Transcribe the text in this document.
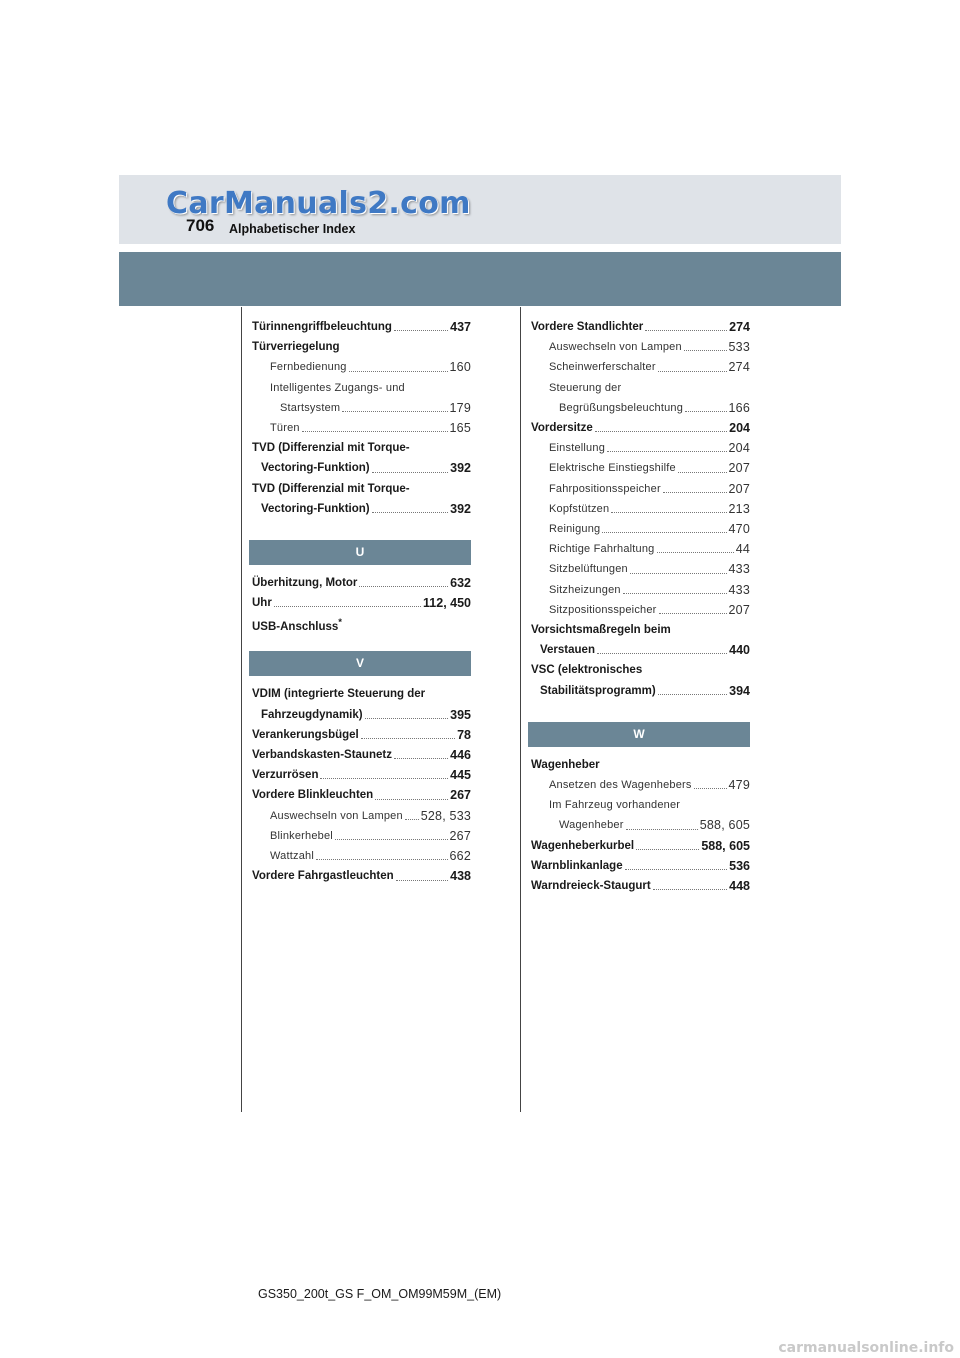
CarManuals2.com
706 Alphabetischer Index
Türinnengriffbeleuchtung	437
Türverriegelung
Fernbedienung	160
Intelligentes Zugangs- und
Startsystem	179
Türen	165
TVD (Differenzial mit Torque-
Vectoring-Funktion)	392
TVD (Differenzial mit Torque-
Vectoring-Funktion)	392
U
Überhitzung, Motor	632
Uhr	112, 450
USB-Anschluss*
V
VDIM (integrierte Steuerung der
Fahrzeugdynamik)	395
Verankerungsbügel	78
Verbandskasten-Staunetz	446
Verzurrösen	445
Vordere Blinkleuchten	267
Auswechseln von Lampen 528, 533
Blinkerhebel	267
Wattzahl	662
Vordere Fahrgastleuchten	438
Vordere Standlichter	274
Auswechseln von Lampen	533
Scheinwerferschalter	274
Steuerung der
Begrüßungsbeleuchtung	166
Vordersitze	204
Einstellung	204
Elektrische Einstiegshilfe	207
Fahrpositionsspeicher	207
Kopfstützen	213
Reinigung	470
Richtige Fahrhaltung	44
Sitzbelüftungen	433
Sitzheizungen	433
Sitzpositionsspeicher	207
Vorsichtsmaßregeln beim
Verstauen	440
VSC (elektronisches
Stabilitätsprogramm)	394
W
Wagenheber
Ansetzen des Wagenhebers	479
Im Fahrzeug vorhandener
Wagenheber	588, 605
Wagenheberkurbel	588, 605
Warnblinkanlage	536
Warndreieck-Staugurt	448
GS350_200t_GS F_OM_OM99M59M_(EM)
carmanualsonline.info
